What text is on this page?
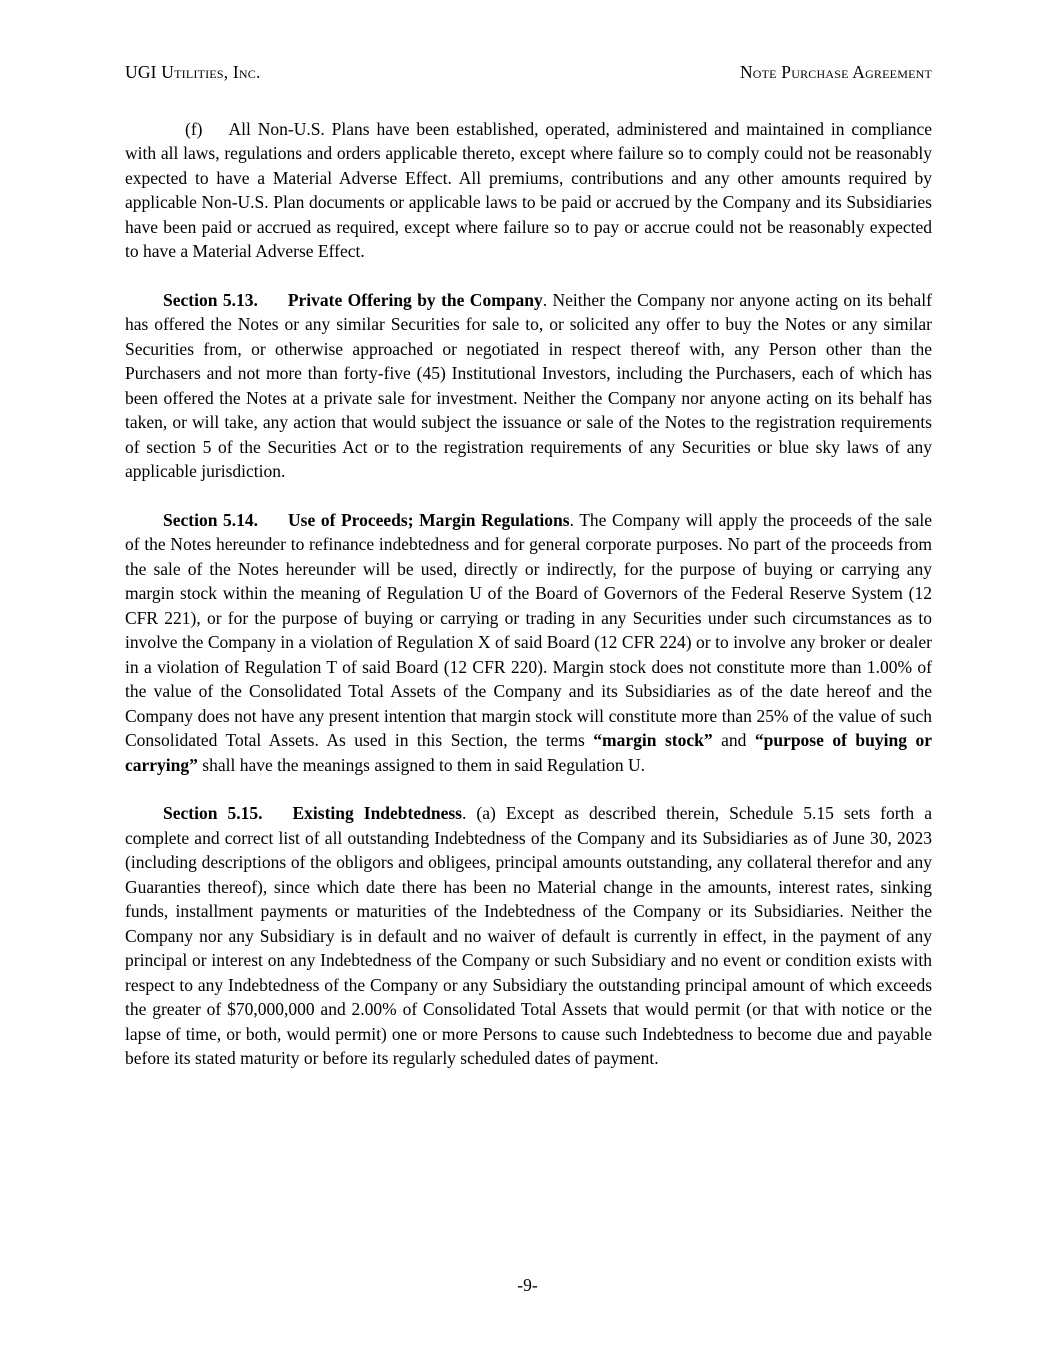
UGI Utilities, Inc.	Note Purchase Agreement

(f) All Non-U.S. Plans have been established, operated, administered and maintained in compliance with all laws, regulations and orders applicable thereto, except where failure so to comply could not be reasonably expected to have a Material Adverse Effect. All premiums, contributions and any other amounts required by applicable Non-U.S. Plan documents or applicable laws to be paid or accrued by the Company and its Subsidiaries have been paid or accrued as required, except where failure so to pay or accrue could not be reasonably expected to have a Material Adverse Effect.

Section 5.13. Private Offering by the Company. Neither the Company nor anyone acting on its behalf has offered the Notes or any similar Securities for sale to, or solicited any offer to buy the Notes or any similar Securities from, or otherwise approached or negotiated in respect thereof with, any Person other than the Purchasers and not more than forty-five (45) Institutional Investors, including the Purchasers, each of which has been offered the Notes at a private sale for investment. Neither the Company nor anyone acting on its behalf has taken, or will take, any action that would subject the issuance or sale of the Notes to the registration requirements of section 5 of the Securities Act or to the registration requirements of any Securities or blue sky laws of any applicable jurisdiction.

Section 5.14. Use of Proceeds; Margin Regulations. The Company will apply the proceeds of the sale of the Notes hereunder to refinance indebtedness and for general corporate purposes. No part of the proceeds from the sale of the Notes hereunder will be used, directly or indirectly, for the purpose of buying or carrying any margin stock within the meaning of Regulation U of the Board of Governors of the Federal Reserve System (12 CFR 221), or for the purpose of buying or carrying or trading in any Securities under such circumstances as to involve the Company in a violation of Regulation X of said Board (12 CFR 224) or to involve any broker or dealer in a violation of Regulation T of said Board (12 CFR 220). Margin stock does not constitute more than 1.00% of the value of the Consolidated Total Assets of the Company and its Subsidiaries as of the date hereof and the Company does not have any present intention that margin stock will constitute more than 25% of the value of such Consolidated Total Assets. As used in this Section, the terms “margin stock” and “purpose of buying or carrying” shall have the meanings assigned to them in said Regulation U.

Section 5.15. Existing Indebtedness. (a) Except as described therein, Schedule 5.15 sets forth a complete and correct list of all outstanding Indebtedness of the Company and its Subsidiaries as of June 30, 2023 (including descriptions of the obligors and obligees, principal amounts outstanding, any collateral therefor and any Guaranties thereof), since which date there has been no Material change in the amounts, interest rates, sinking funds, installment payments or maturities of the Indebtedness of the Company or its Subsidiaries. Neither the Company nor any Subsidiary is in default and no waiver of default is currently in effect, in the payment of any principal or interest on any Indebtedness of the Company or such Subsidiary and no event or condition exists with respect to any Indebtedness of the Company or any Subsidiary the outstanding principal amount of which exceeds the greater of $70,000,000 and 2.00% of Consolidated Total Assets that would permit (or that with notice or the lapse of time, or both, would permit) one or more Persons to cause such Indebtedness to become due and payable before its stated maturity or before its regularly scheduled dates of payment.

-9-
